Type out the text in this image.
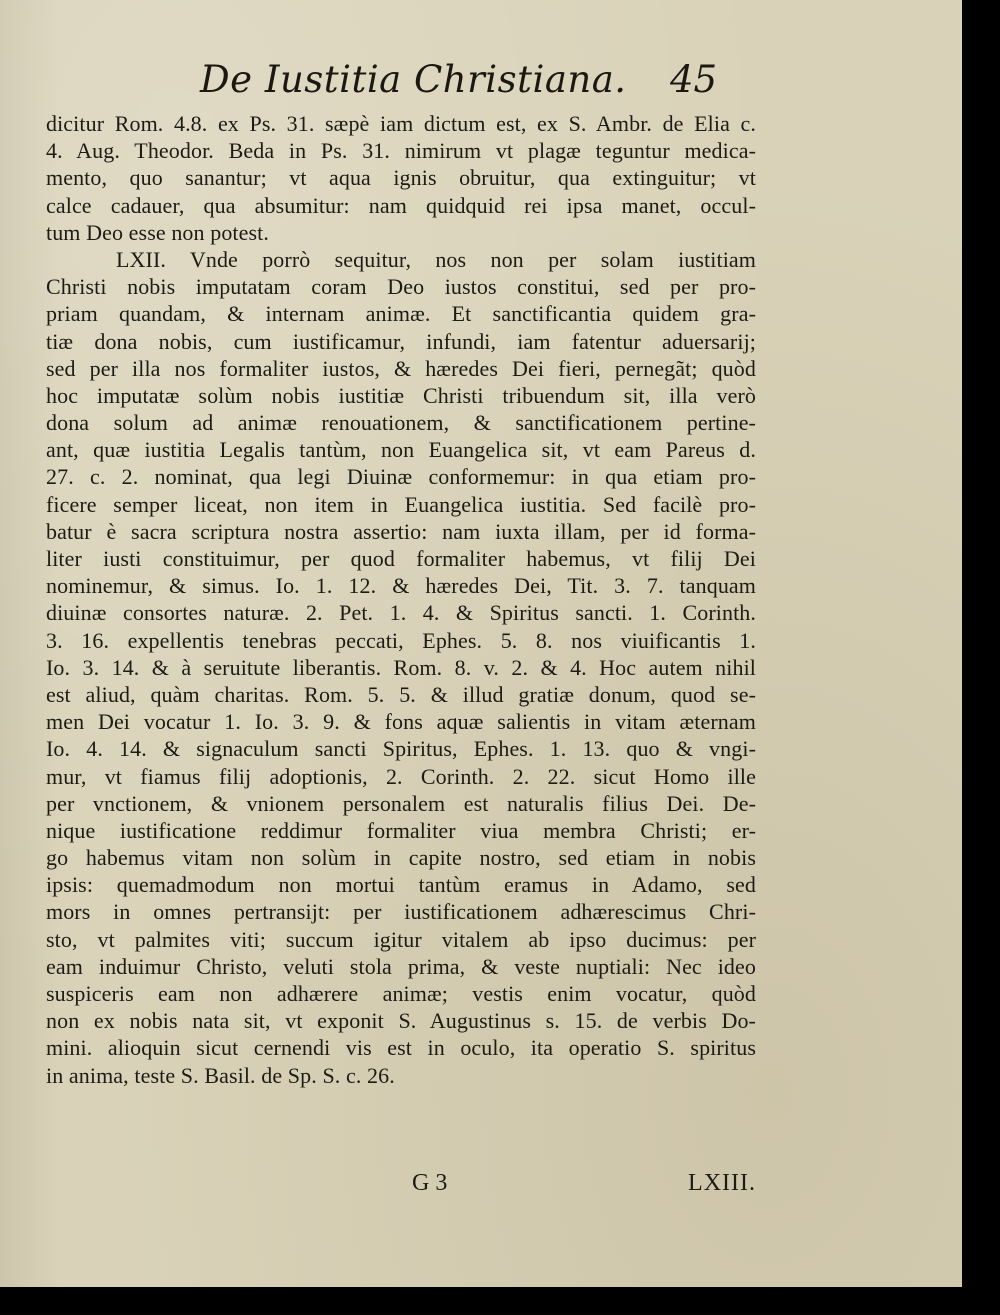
De Iustitia Christiana. 45
dicitur Rom. 4.8. ex Ps. 31. sæpè iam dictum est, ex S. Ambr. de Elia c.
4. Aug. Theodor. Beda in Ps. 31. nimirum vt plagæ teguntur medica-
mento, quo sanantur; vt aqua ignis obruitur, qua extinguitur; vt
calce cadauer, qua absumitur: nam quidquid rei ipsa manet, occul-
tum Deo esse non potest.
LXII. Vnde porrò sequitur, nos non per solam iustitiam
Christi nobis imputatam coram Deo iustos constitui, sed per pro-
priam quandam, & internam animæ. Et sanctificantia quidem gra-
tiæ dona nobis, cum iustificamur, infundi, iam fatentur aduersarij;
sed per illa nos formaliter iustos, & hæredes Dei fieri, pernegãt; quòd
hoc imputatæ solùm nobis iustitiæ Christi tribuendum sit, illa verò
dona solum ad animæ renouationem, & sanctificationem pertine-
ant, quæ iustitia Legalis tantùm, non Euangelica sit, vt eam Pareus d.
27. c. 2. nominat, qua legi Diuinæ conformemur: in qua etiam pro-
ficere semper liceat, non item in Euangelica iustitia. Sed facilè pro-
batur è sacra scriptura nostra assertio: nam iuxta illam, per id forma-
liter iusti constituimur, per quod formaliter habemus, vt filij Dei
nominemur, & simus. Io. 1. 12. & hæredes Dei, Tit. 3. 7. tanquam
diuinæ consortes naturæ. 2. Pet. 1. 4. & Spiritus sancti. 1. Corinth.
3. 16. expellentis tenebras peccati, Ephes. 5. 8. nos viuificantis 1.
Io. 3. 14. & à seruitute liberantis. Rom. 8. v. 2. & 4. Hoc autem nihil
est aliud, quàm charitas. Rom. 5. 5. & illud gratiæ donum, quod se-
men Dei vocatur 1. Io. 3. 9. & fons aquæ salientis in vitam æternam
Io. 4. 14. & signaculum sancti Spiritus, Ephes. 1. 13. quo & vngi-
mur, vt fiamus filij adoptionis, 2. Corinth. 2. 22. sicut Homo ille
per vnctionem, & vnionem personalem est naturalis filius Dei. De-
nique iustificatione reddimur formaliter viua membra Christi; er-
go habemus vitam non solùm in capite nostro, sed etiam in nobis
ipsis: quemadmodum non mortui tantùm eramus in Adamo, sed
mors in omnes pertransijt: per iustificationem adhærescimus Chri-
sto, vt palmites viti; succum igitur vitalem ab ipso ducimus: per
eam induimur Christo, veluti stola prima, & veste nuptiali: Nec ideo
suspiceris eam non adhærere animæ; vestis enim vocatur, quòd
non ex nobis nata sit, vt exponit S. Augustinus s. 15. de verbis Do-
mini. alioquin sicut cernendi vis est in oculo, ita operatio S. spiritus
in anima, teste S. Basil. de Sp. S. c. 26.
G 3	LXIII.
